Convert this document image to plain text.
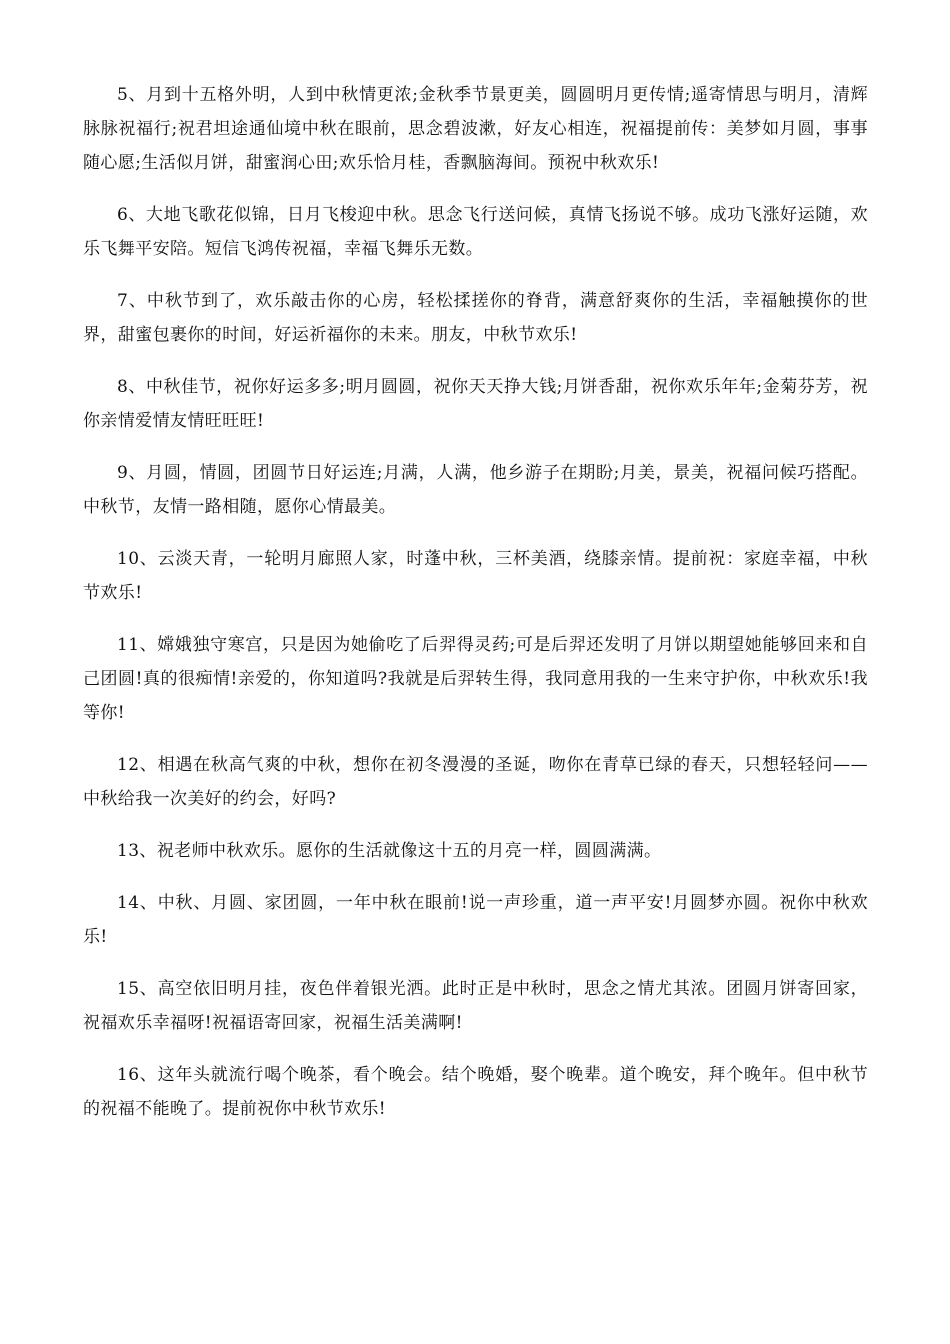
5、月到十五格外明，人到中秋情更浓;金秋季节景更美，圆圆明月更传情;遥寄情思与明月，清辉脉脉祝福行;祝君坦途通仙境中秋在眼前，思念碧波漱，好友心相连，祝福提前传：美梦如月圆，事事随心愿;生活似月饼，甜蜜润心田;欢乐恰月桂，香飘脑海间。预祝中秋欢乐!

6、大地飞歌花似锦，日月飞梭迎中秋。思念飞行送问候，真情飞扬说不够。成功飞涨好运随，欢乐飞舞平安陪。短信飞鸿传祝福，幸福飞舞乐无数。

7、中秋节到了，欢乐敲击你的心房，轻松揉搓你的脊背，满意舒爽你的生活，幸福触摸你的世界，甜蜜包裹你的时间，好运祈福你的未来。朋友，中秋节欢乐!

8、中秋佳节，祝你好运多多;明月圆圆，祝你天天挣大钱;月饼香甜，祝你欢乐年年;金菊芬芳，祝你亲情爱情友情旺旺旺!

9、月圆，情圆，团圆节日好运连;月满，人满，他乡游子在期盼;月美，景美，祝福问候巧搭配。中秋节，友情一路相随，愿你心情最美。

10、云淡天青，一轮明月廊照人家，时蓬中秋，三杯美酒，绕膝亲情。提前祝：家庭幸福，中秋节欢乐!

11、嫦娥独守寒宫，只是因为她偷吃了后羿得灵药;可是后羿还发明了月饼以期望她能够回来和自己团圆!真的很痴情!亲爱的，你知道吗?我就是后羿转生得，我同意用我的一生来守护你，中秋欢乐!我等你!

12、相遇在秋高气爽的中秋，想你在初冬漫漫的圣诞，吻你在青草已绿的春天，只想轻轻问——中秋给我一次美好的约会，好吗?

13、祝老师中秋欢乐。愿你的生活就像这十五的月亮一样，圆圆满满。

14、中秋、月圆、家团圆，一年中秋在眼前!说一声珍重，道一声平安!月圆梦亦圆。祝你中秋欢乐!

15、高空依旧明月挂，夜色伴着银光洒。此时正是中秋时，思念之情尤其浓。团圆月饼寄回家，祝福欢乐幸福呀!祝福语寄回家，祝福生活美满啊!

16、这年头就流行喝个晚茶，看个晚会。结个晚婚，娶个晚辈。道个晚安，拜个晚年。但中秋节的祝福不能晚了。提前祝你中秋节欢乐!
